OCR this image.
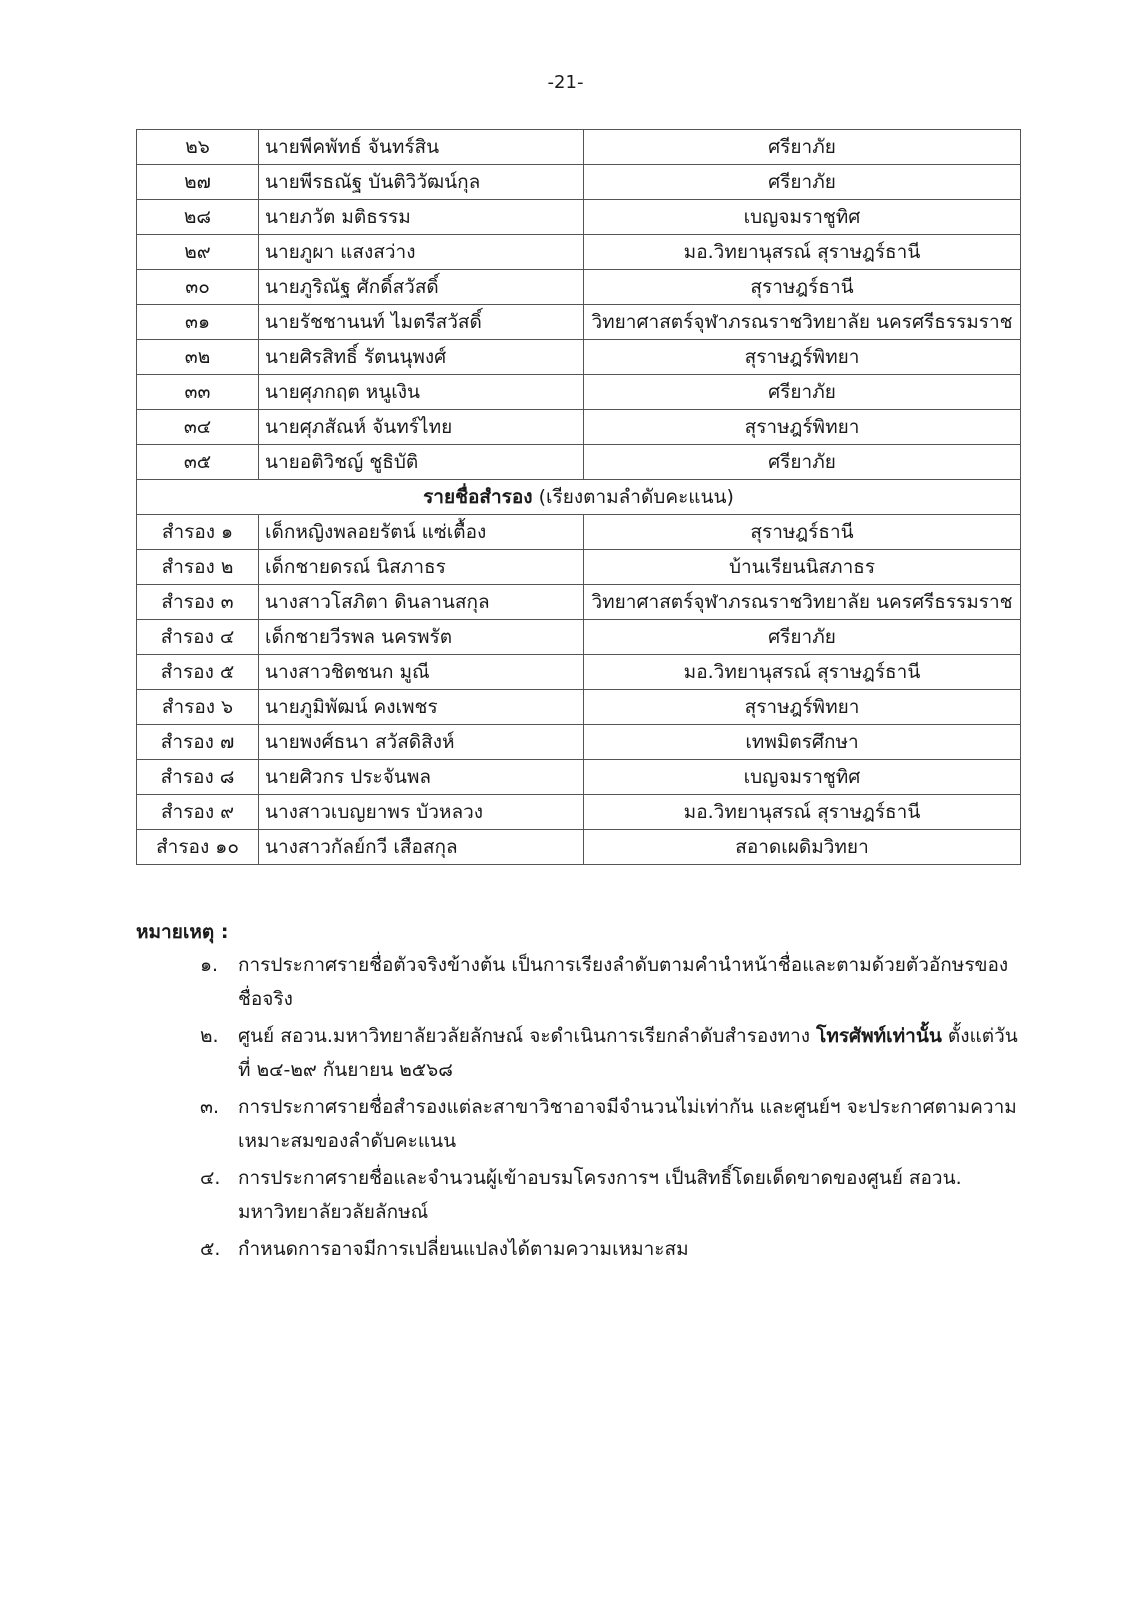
-21-
๒๖	นายพีคพัทธ์ จันทร์สิน	ศรียาภัย
๒๗	นายพีรธณัฐ บันติวิวัฒน์กุล	ศรียาภัย
๒๘	นายภวัต มติธรรม	เบญจมราชูทิศ
๒๙	นายภูผา แสงสว่าง	มอ.วิทยานุสรณ์ สุราษฎร์ธานี
๓๐	นายภูริณัฐ ศักดิ์สวัสดิ์	สุราษฎร์ธานี
๓๑	นายรัชชานนท์ ไมตรีสวัสดิ์	วิทยาศาสตร์จุฬาภรณราชวิทยาลัย นครศรีธรรมราช
๓๒	นายศิรสิทธิ์ รัตนนุพงศ์	สุราษฎร์พิทยา
๓๓	นายศุภกฤต หนูเงิน	ศรียาภัย
๓๔	นายศุภสัณห์ จันทร์ไทย	สุราษฎร์พิทยา
๓๕	นายอติวิชญ์ ชูธิบัติ	ศรียาภัย
รายชื่อสำรอง (เรียงตามลำดับคะแนน)		
สำรอง ๑	เด็กหญิงพลอยรัตน์ แซ่เตื้อง	สุราษฎร์ธานี
สำรอง ๒	เด็กชายดรณ์ นิสภาธร	บ้านเรียนนิสภาธร
สำรอง ๓	นางสาวโสภิตา ดินลานสกุล	วิทยาศาสตร์จุฬาภรณราชวิทยาลัย นครศรีธรรมราช
สำรอง ๔	เด็กชายวีรพล นครพรัต	ศรียาภัย
สำรอง ๕	นางสาวชิตชนก มูณี	มอ.วิทยานุสรณ์ สุราษฎร์ธานี
สำรอง ๖	นายภูมิพัฒน์ คงเพชร	สุราษฎร์พิทยา
สำรอง ๗	นายพงศ์ธนา สวัสดิสิงห์	เทพมิตรศึกษา
สำรอง ๘	นายศิวกร ประจันพล	เบญจมราชูทิศ
สำรอง ๙	นางสาวเบญยาพร บัวหลวง	มอ.วิทยานุสรณ์ สุราษฎร์ธานี
สำรอง ๑๐	นางสาวกัลย์กวี เสือสกุล	สอาดเผดิมวิทยา
หมายเหตุ :
๑. การประกาศรายชื่อตัวจริงข้างต้น เป็นการเรียงลำดับตามคำนำหน้าชื่อและตามด้วยตัวอักษรของชื่อจริง
๒. ศูนย์ สอวน.มหาวิทยาลัยวลัยลักษณ์ จะดำเนินการเรียกลำดับสำรองทาง โทรศัพท์เท่านั้น ตั้งแต่วันที่ ๒๔-๒๙ กันยายน ๒๕๖๘
๓. การประกาศรายชื่อสำรองแต่ละสาขาวิชาอาจมีจำนวนไม่เท่ากัน และศูนย์ฯ จะประกาศตามความเหมาะสมของลำดับคะแนน
๔. การประกาศรายชื่อและจำนวนผู้เข้าอบรมโครงการฯ เป็นสิทธิ์โดยเด็ดขาดของศูนย์ สอวน. มหาวิทยาลัยวลัยลักษณ์
๕. กำหนดการอาจมีการเปลี่ยนแปลงได้ตามความเหมาะสม
